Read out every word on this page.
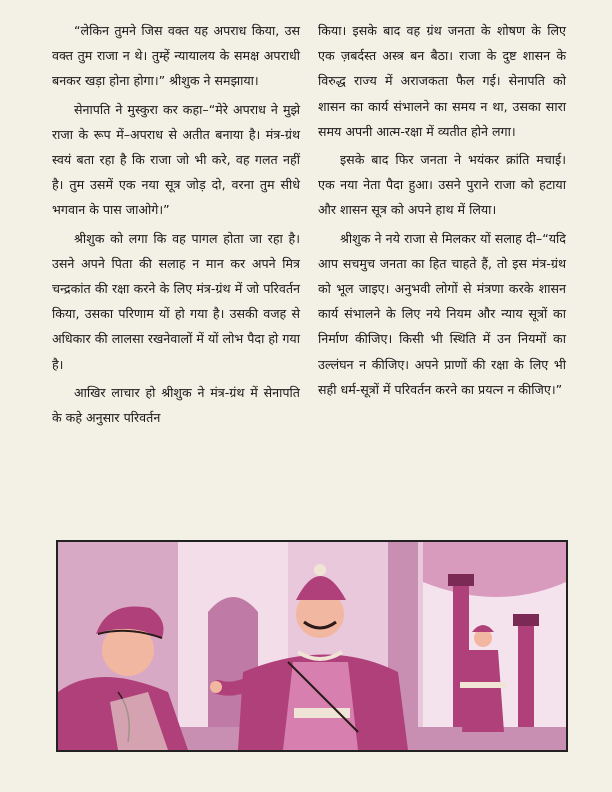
“लेकिन तुमने जिस वक्त यह अपराध किया, उस वक्त तुम राजा न थे। तुम्हें न्यायालय के समक्ष अपराधी बनकर खड़ा होना होगा।” श्रीशुक ने समझाया।

सेनापति ने मुस्कुरा कर कहा–“मेरे अपराध ने मुझे राजा के रूप में–अपराध से अतीत बनाया है। मंत्र-ग्रंथ स्वयं बता रहा है कि राजा जो भी करे, वह गलत नहीं है। तुम उसमें एक नया सूत्र जोड़ दो, वरना तुम सीधे भगवान के पास जाओगे।”

श्रीशुक को लगा कि वह पागल होता जा रहा है। उसने अपने पिता की सलाह न मान कर अपने मित्र चन्द्रकांत की रक्षा करने के लिए मंत्र-ग्रंथ में जो परिवर्तन किया, उसका परिणाम यों हो गया है। उसकी वजह से अधिकार की लालसा रखनेवालों में यों लोभ पैदा हो गया है।

आखिर लाचार हो श्रीशुक ने मंत्र-ग्रंथ में सेनापति के कहे अनुसार परिवर्तन

किया। इसके बाद वह ग्रंथ जनता के शोषण के लिए एक ज़बर्दस्त अस्त्र बन बैठा। राजा के दुष्ट शासन के विरुद्ध राज्य में अराजकता फैल गई। सेनापति को शासन का कार्य संभालने का समय न था, उसका सारा समय अपनी आत्म-रक्षा में व्यतीत होने लगा।

इसके बाद फिर जनता ने भयंकर क्रांति मचाई। एक नया नेता पैदा हुआ। उसने पुराने राजा को हटाया और शासन सूत्र को अपने हाथ में लिया।

श्रीशुक ने नये राजा से मिलकर यों सलाह दी–“यदि आप सचमुच जनता का हित चाहते हैं, तो इस मंत्र-ग्रंथ को भूल जाइए। अनुभवी लोगों से मंत्रणा करके शासन कार्य संभालने के लिए नये नियम और न्याय सूत्रों का निर्माण कीजिए। किसी भी स्थिति में उन नियमों का उल्लंघन न कीजिए। अपने प्राणों की रक्षा के लिए भी सही धर्म-सूत्रों में परिवर्तन करने का प्रयत्न न कीजिए।”
